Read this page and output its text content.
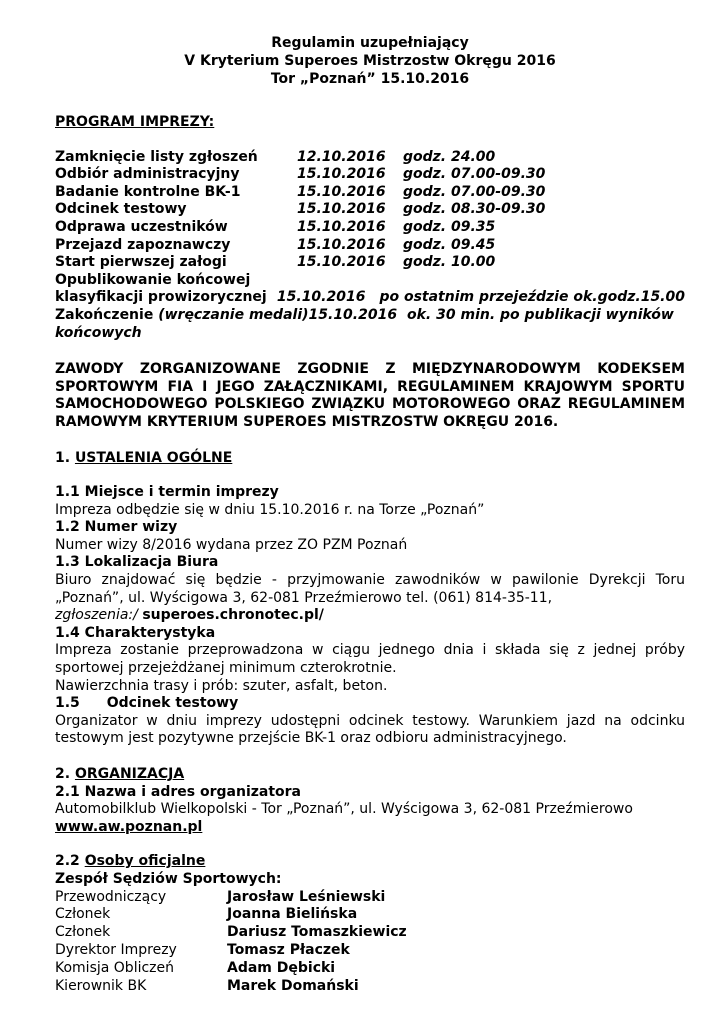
Regulamin uzupełniający
V Kryterium Superoes Mistrzostw Okręgu 2016
Tor „Poznań” 15.10.2016
PROGRAM IMPREZY:
Zamknięcie listy zgłoszeń	12.10.2016	godz. 24.00
Odbiór administracyjny	15.10.2016	godz. 07.00-09.30
Badanie kontrolne BK-1	15.10.2016	godz. 07.00-09.30
Odcinek testowy	15.10.2016	godz. 08.30-09.30
Odprawa uczestników	15.10.2016	godz. 09.35
Przejazd zapoznawczy	15.10.2016	godz. 09.45
Start pierwszej załogi	15.10.2016	godz. 10.00
Opublikowanie końcowej
klasyfikacji prowizorycznej 15.10.2016 po ostatnim przejeździe ok.godz.15.00
Zakończenie (wręczanie medali)15.10.2016 ok. 30 min. po publikacji wyników
końcowych
ZAWODY ZORGANIZOWANE ZGODNIE Z MIĘDZYNARODOWYM KODEKSEM SPORTOWYM FIA I JEGO ZAŁĄCZNIKAMI, REGULAMINEM KRAJOWYM SPORTU SAMOCHODOWEGO POLSKIEGO ZWIĄZKU MOTOROWEGO ORAZ REGULAMINEM RAMOWYM KRYTERIUM SUPEROES MISTRZOSTW OKRĘGU 2016.
1. USTALENIA OGÓLNE
1.1 Miejsce i termin imprezy
Impreza odbędzie się w dniu 15.10.2016 r. na Torze „Poznań”
1.2 Numer wizy
Numer wizy 8/2016 wydana przez ZO PZM Poznań
1.3 Lokalizacja Biura
Biuro znajdować się będzie - przyjmowanie zawodników w pawilonie Dyrekcji Toru „Poznań”, ul. Wyścigowa 3, 62-081 Przeźmierowo tel. (061) 814-35-11,
zgłoszenia:/ superoes.chronotec.pl/
1.4 Charakterystyka
Impreza zostanie przeprowadzona w ciągu jednego dnia i składa się z jednej próby sportowej przejeżdżanej minimum czterokrotnie.
Nawierzchnia trasy i prób: szuter, asfalt, beton.
1.5 Odcinek testowy
Organizator w dniu imprezy udostępni odcinek testowy. Warunkiem jazd na odcinku testowym jest pozytywne przejście BK-1 oraz odbioru administracyjnego.
2. ORGANIZACJA
2.1 Nazwa i adres organizatora
Automobilklub Wielkopolski - Tor „Poznań”, ul. Wyścigowa 3, 62-081 Przeźmierowo
www.aw.poznan.pl
2.2 Osoby oficjalne
Zespół Sędziów Sportowych:
Przewodniczący	Jarosław Leśniewski
Członek	Joanna Bielińska
Członek	Dariusz Tomaszkiewicz
Dyrektor Imprezy	Tomasz Płaczek
Komisja Obliczeń	Adam Dębicki
Kierownik BK	Marek Domański
